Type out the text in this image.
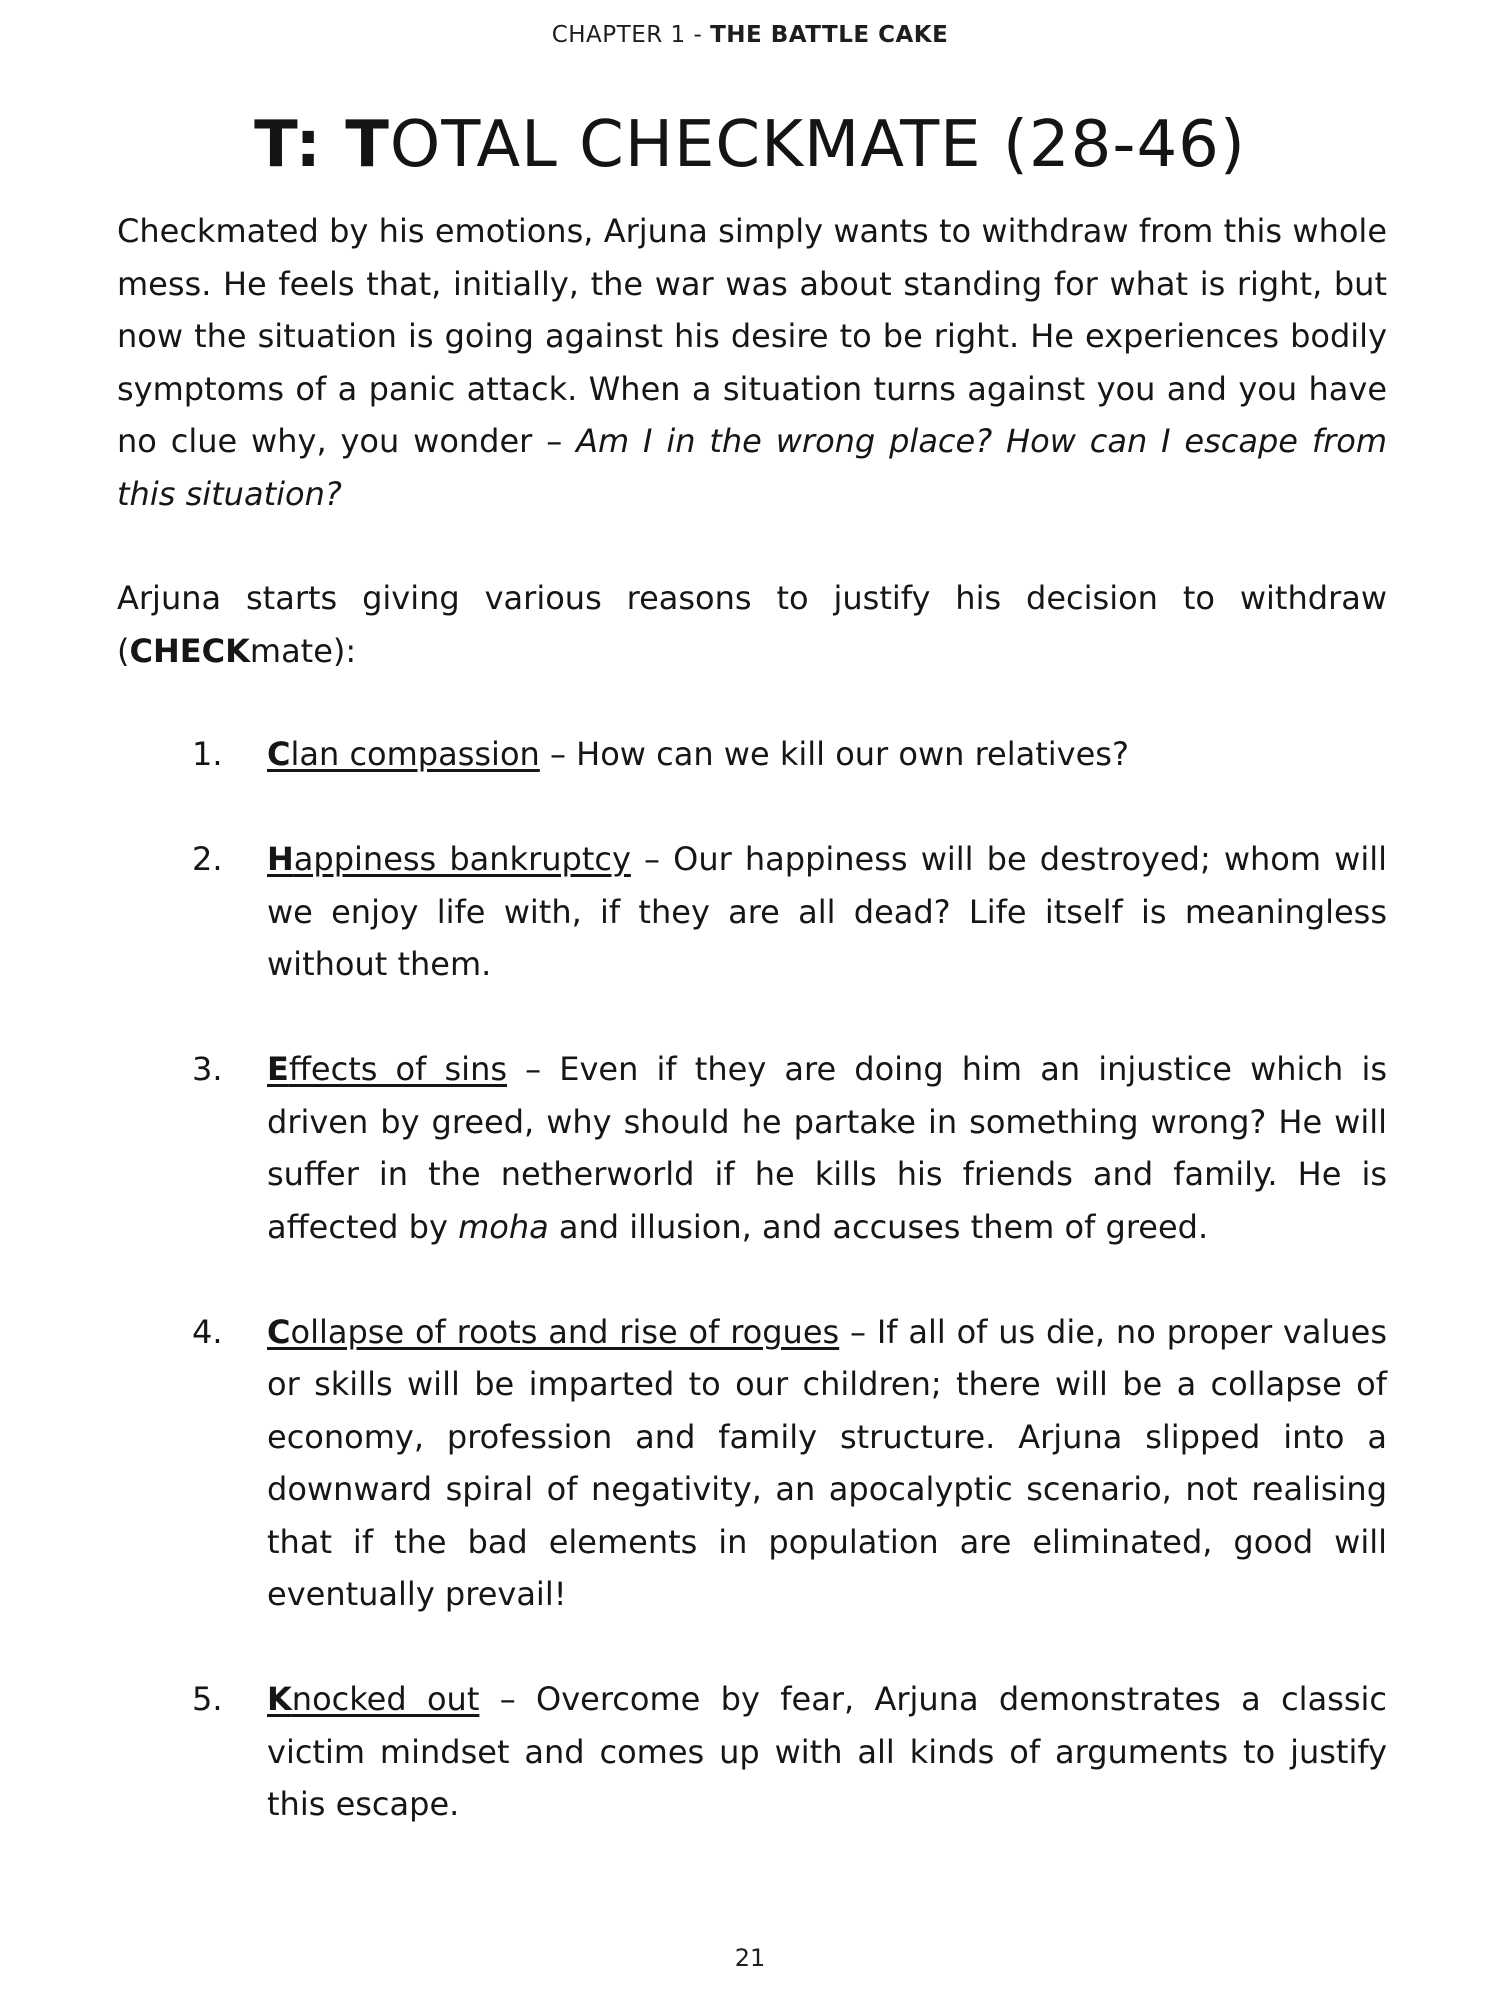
CHAPTER 1 - THE BATTLE CAKE
T: TOTAL CHECKMATE (28-46)

Checkmated by his emotions, Arjuna simply wants to withdraw from this whole mess. He feels that, initially, the war was about standing for what is right, but now the situation is going against his desire to be right. He experiences bodily symptoms of a panic attack. When a situation turns against you and you have no clue why, you wonder – Am I in the wrong place? How can I escape from this situation?

Arjuna starts giving various reasons to justify his decision to withdraw (CHECKmate):

1. Clan compassion – How can we kill our own relatives?
2. Happiness bankruptcy – Our happiness will be destroyed; whom will we enjoy life with, if they are all dead? Life itself is meaningless without them.
3. Effects of sins – Even if they are doing him an injustice which is driven by greed, why should he partake in something wrong? He will suffer in the netherworld if he kills his friends and family. He is affected by moha and illusion, and accuses them of greed.
4. Collapse of roots and rise of rogues – If all of us die, no proper values or skills will be imparted to our children; there will be a collapse of economy, profession and family structure. Arjuna slipped into a downward spiral of negativity, an apocalyptic scenario, not realising that if the bad elements in population are eliminated, good will eventually prevail!
5. Knocked out – Overcome by fear, Arjuna demonstrates a classic victim mindset and comes up with all kinds of arguments to justify this escape.
21
